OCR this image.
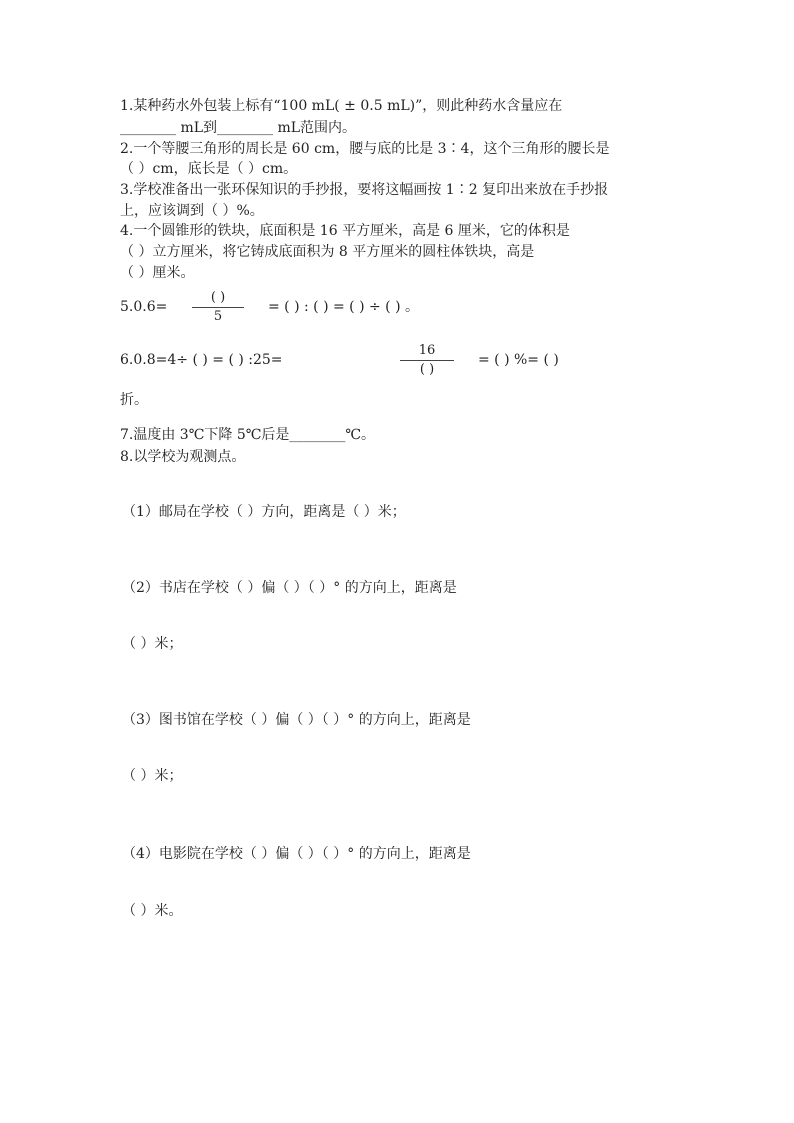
1.某种药水外包装上标有“100 mL( ± 0.5 mL)”，则此种药水含量应在
________ mL到________ mL范围内。
2.一个等腰三角形的周长是 60 cm，腰与底的比是 3∶4，这个三角形的腰长是
（ ）cm，底长是（ ）cm。
3.学校准备出一张环保知识的手抄报，要将这幅画按 1∶2 复印出来放在手抄报
上，应该调到（ ）%。
4.一个圆锥形的铁块，底面积是 16 平方厘米，高是 6 厘米，它的体积是
（ ）立方厘米，将它铸成底面积为 8 平方厘米的圆柱体铁块，高是
（ ）厘米。
5.0.6=
( )
5
= ( ) : ( ) = ( ) ÷ ( ) 。
6.0.8=4÷ ( ) = ( ) :25=
16
( )
= ( ) %= ( )
折。
7.温度由 3℃下降 5℃后是________℃。
8.以学校为观测点。
（1）邮局在学校（ ）方向，距离是（ ）米；
（2）书店在学校（ ）偏（ ）（ ）° 的方向上，距离是
（ ）米；
（3）图书馆在学校（ ）偏（ ）（ ）° 的方向上，距离是
（ ）米；
（4）电影院在学校（ ）偏（ ）（ ）° 的方向上，距离是
（ ）米。
